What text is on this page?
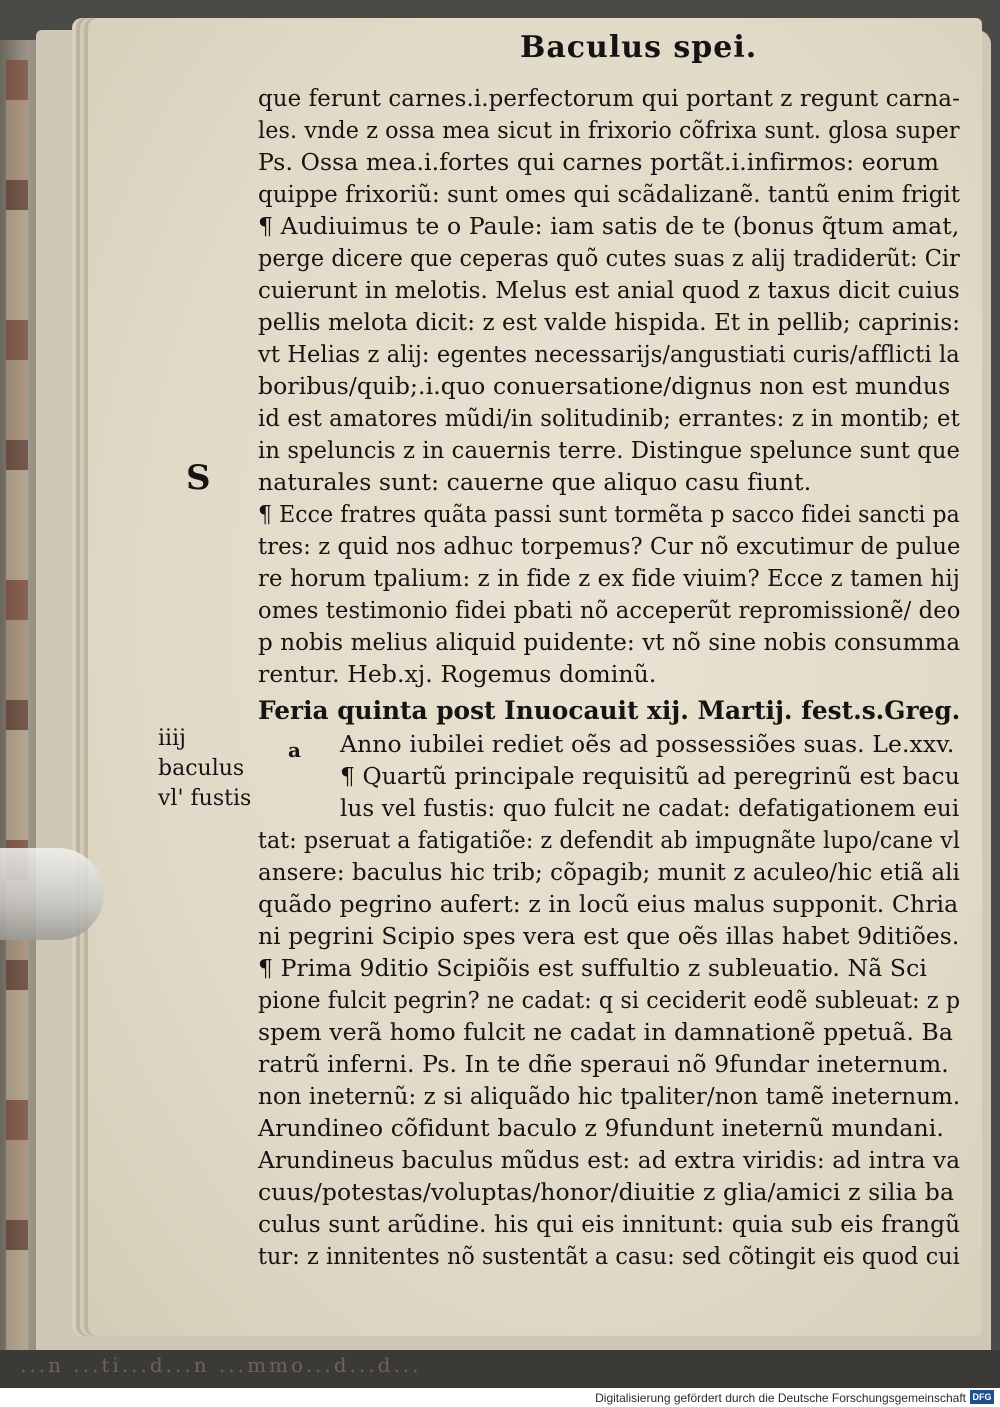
...n ...ti...d...n ...mmo...d...d...
Baculus spei.
que ferunt carnes.i.perfectorum qui portant z regunt carna-
les. vnde z ossa mea sicut in frixorio cõfrixa sunt. glosa super
Ps. Ossa mea.i.fortes qui carnes portãt.i.infirmos: eorum
quippe frixoriũ: sunt omes qui scãdalizanẽ. tantũ enim frigit
¶ Audiuimus te o Paule: iam satis de te (bonus q̃tum amat,
perge dicere que ceperas quõ cutes suas z alij tradiderũt: Cir
cuierunt in melotis. Melus est anial quod z taxus dicit cuius
pellis melota dicit: z est valde hispida. Et in pellib; caprinis:
vt Helias z alij: egentes necessarijs/angustiati curis/afflicti la
boribus/quib;.i.quo conuersatione/dignus non est mundus
id est amatores mũdi/in solitudinib; errantes: z in montib; et
in speluncis z in cauernis terre. Distingue spelunce sunt que
naturales sunt: cauerne que aliquo casu fiunt.
¶ Ecce fratres quãta passi sunt tormẽta p sacco fidei sancti pa
tres: z quid nos adhuc torpemus? Cur nõ excutimur de pulue
re horum tpalium: z in fide z ex fide viuim? Ecce z tamen hij
omes testimonio fidei pbati nõ acceperũt repromissionẽ/ deo
p nobis melius aliquid puidente: vt nõ sine nobis consumma
rentur. Heb.xj. Rogemus dominũ.
S
Feria quinta post Inuocauit xij. Martij. fest.s.Greg.
a
iiij
baculus
vl' fustis
Anno iubilei rediet oẽs ad possessiões suas. Le.xxv.
¶ Quartũ principale requisitũ ad peregrinũ est bacu
lus vel fustis: quo fulcit ne cadat: defatigationem eui
tat: pseruat a fatigatiõe: z defendit ab impugnãte lupo/cane vl
ansere: baculus hic trib; cõpagib; munit z aculeo/hic etiã ali
quãdo pegrino aufert: z in locũ eius malus supponit. Chria
ni pegrini Scipio spes vera est que oẽs illas habet 9ditiões.
¶ Prima 9ditio Scipiõis est suffultio z subleuatio. Nã Sci
pione fulcit pegrin? ne cadat: q si ceciderit eodẽ subleuat: z p
spem verã homo fulcit ne cadat in damnationẽ ppetuã. Ba
ratrũ inferni. Ps. In te dñe speraui nõ 9fundar ineternum.
non ineternũ: z si aliquãdo hic tpaliter/non tamẽ ineternum.
Arundineo cõfidunt baculo z 9fundunt ineternũ mundani.
Arundineus baculus mũdus est: ad extra viridis: ad intra va
cuus/potestas/voluptas/honor/diuitie z glia/amici z silia ba
culus sunt arũdine. his qui eis innitunt: quia sub eis frangũ
tur: z innitentes nõ sustentãt a casu: sed cõtingit eis quod cui
Digitalisierung gefördert durch die Deutsche Forschungsgemeinschaft DFG
